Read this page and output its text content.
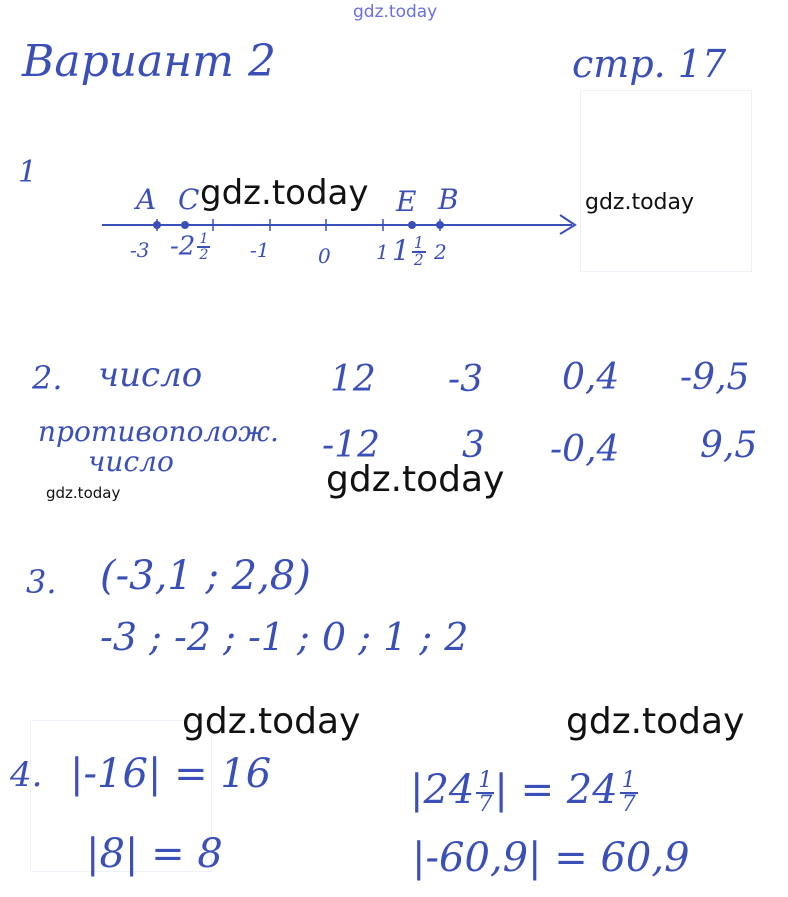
gdz.today
Вариант 2	стр. 17
1
A C	E B
-3 $-2 \frac{1}{2} -1$ 0 1 $1 \frac{1}{2} 2$
gdz.today	gdz.today
2. число
противополож.
число
12 -3 0,4 -9,5
-12 3 -0,4 9,5
gdz.today
gdz.today
3. (-3,1 ; 2,8)
-3 ; -2 ; -1 ; 0 ; 1 ; 2
gdz.today	gdz.today
4. |-16| = 16
|8| = 8
$|24 \frac{1}{7}$ | = $24 \frac{1}{7}$
|-60,9| = 60,9
